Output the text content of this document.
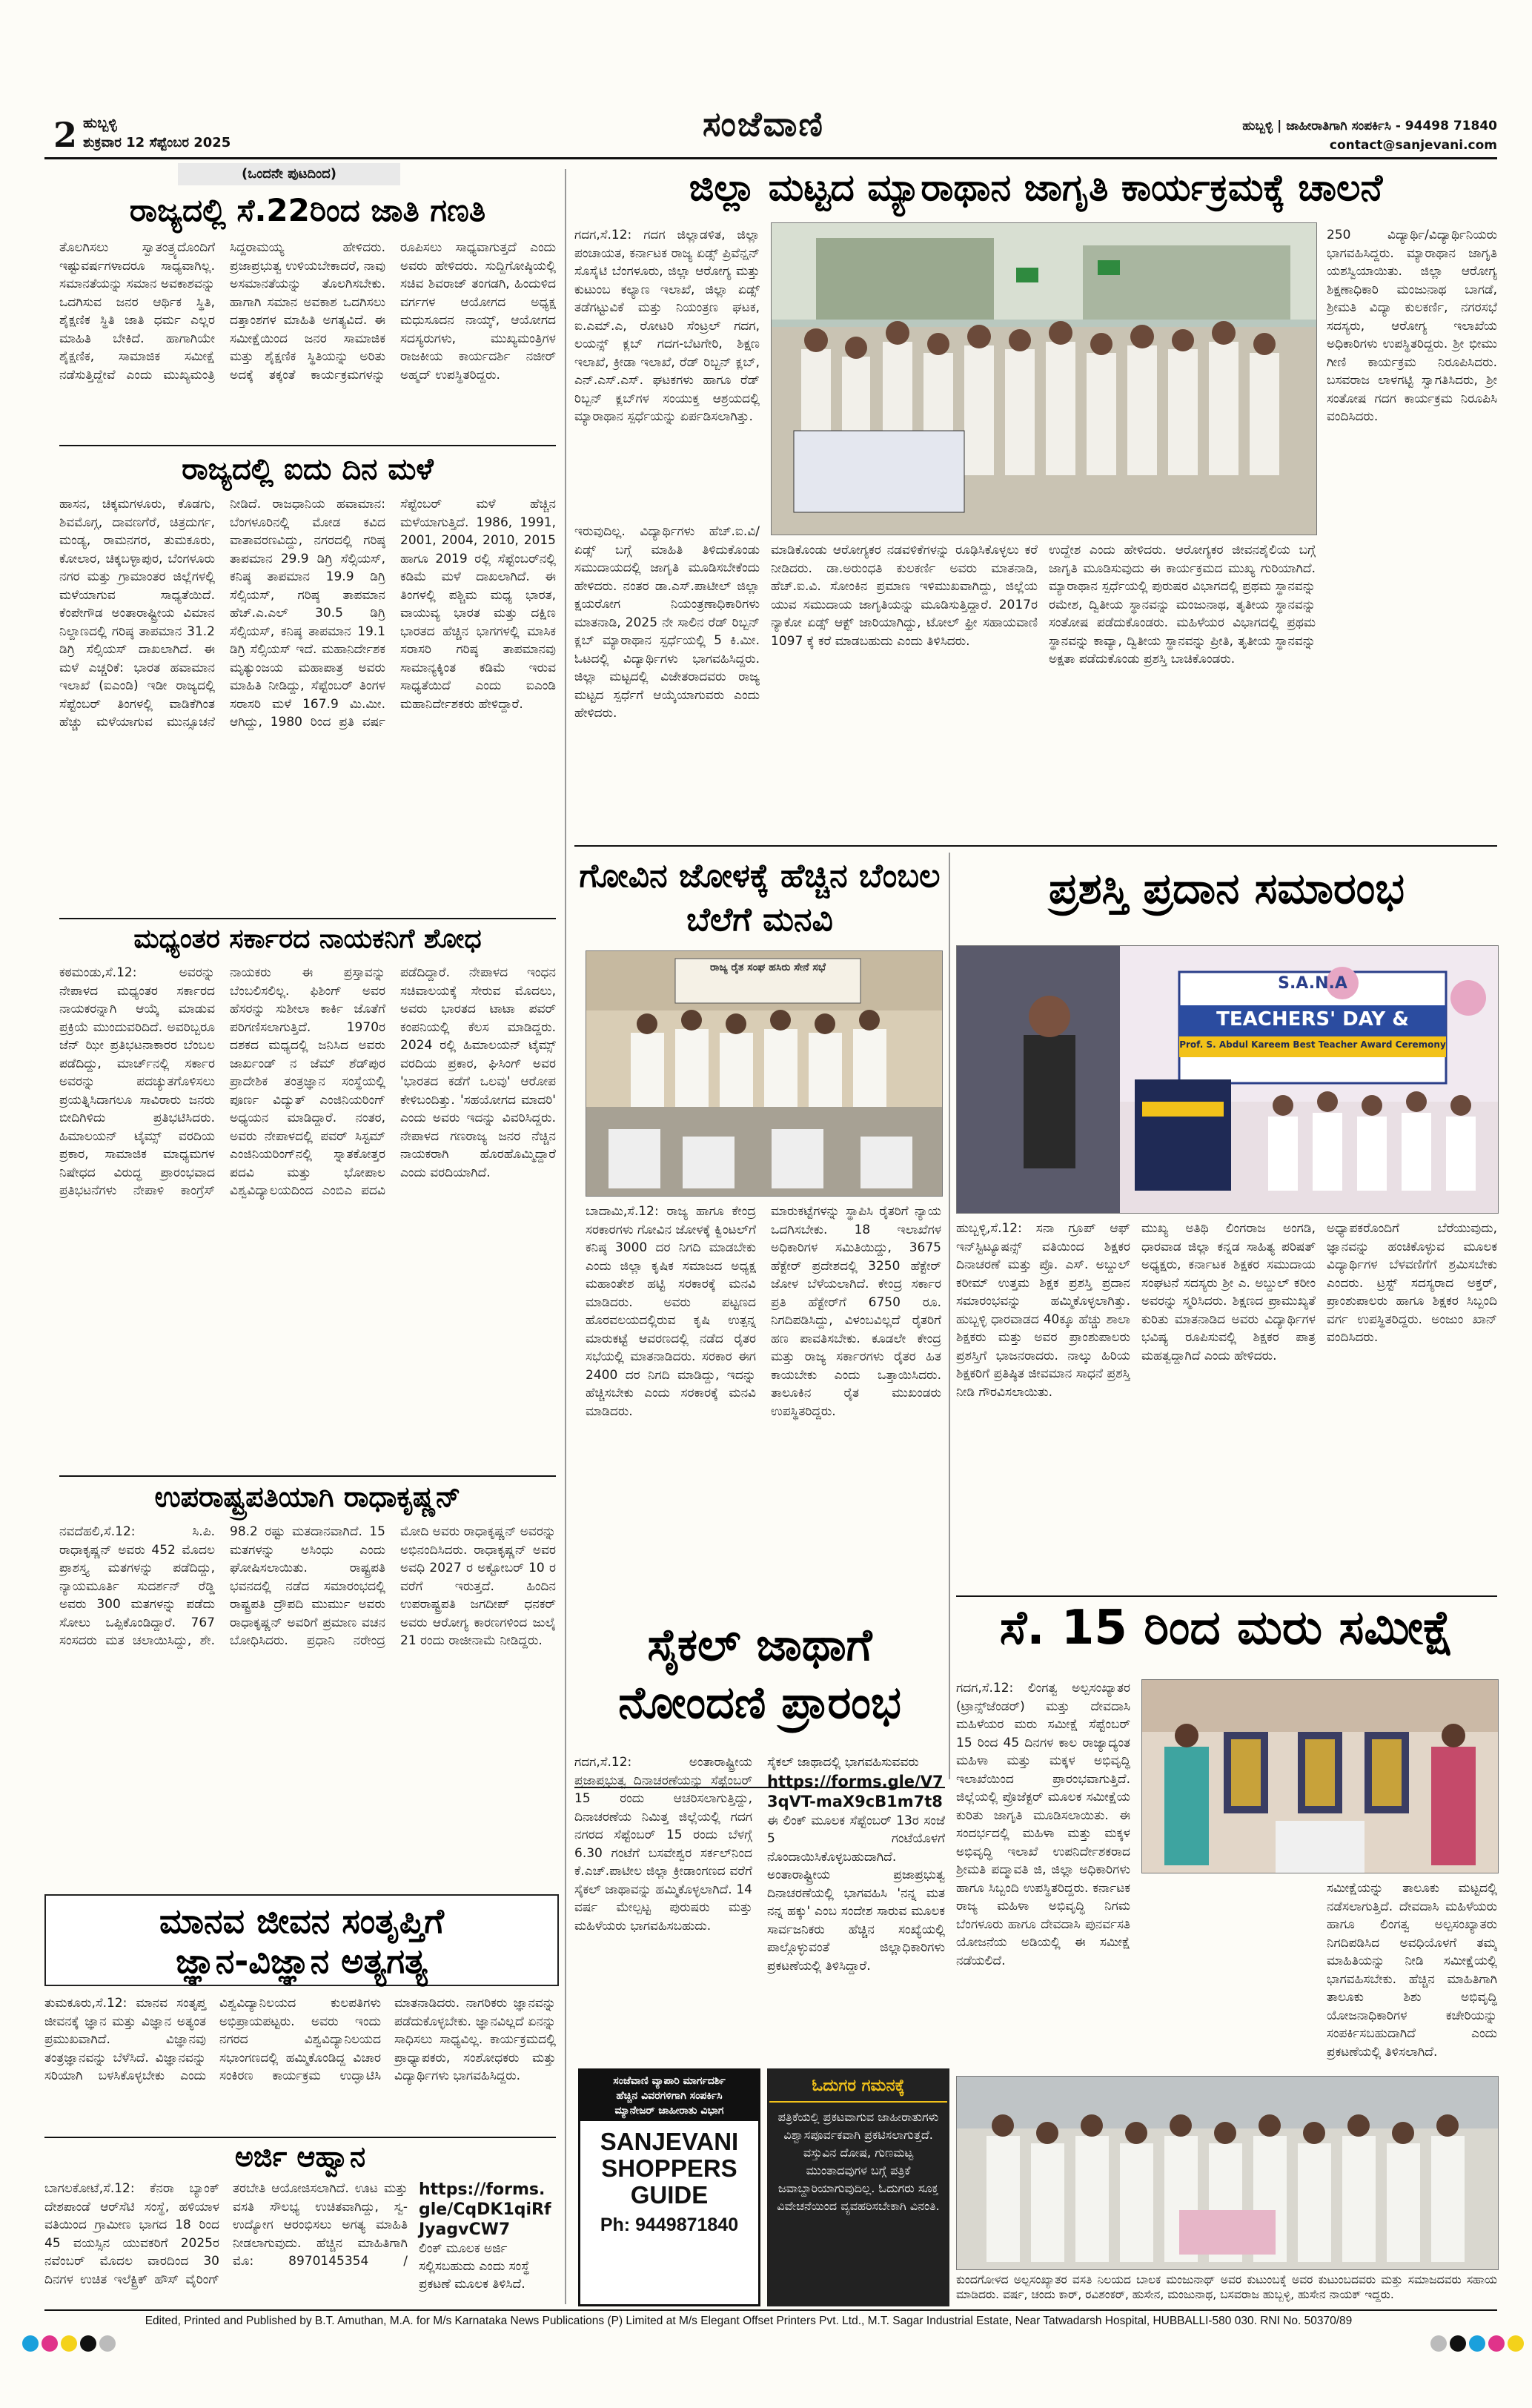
2 ಹುಬ್ಬಳ್ಳಿ
ಶುಕ್ರವಾರ 12 ಸೆಪ್ಟೆಂಬರ 2025	ಸಂಜೆವಾಣಿ	ಹುಬ್ಬಳ್ಳಿ | ಜಾಹೀರಾತಿಗಾಗಿ ಸಂಪರ್ಕಿಸಿ - 94498 71840
contact@sanjevani.com
(ಒಂದನೇ ಪುಟದಿಂದ)
ರಾಜ್ಯದಲ್ಲಿ ಸೆ.22ರಿಂದ ಜಾತಿ ಗಣತಿ
ತೊಲಗಿಸಲು ಸ್ವಾತಂತ್ರ್ಯದೊಂದಿಗೆ ಇಷ್ಟುವರ್ಷಗಳಾದರೂ ಸಾಧ್ಯವಾಗಿಲ್ಲ. ಸಮಾನತೆಯನ್ನು ಸಮಾನ ಅವಕಾಶವನ್ನು ಒದಗಿಸುವ ಜನರ ಆರ್ಥಿಕ ಸ್ಥಿತಿ, ಶೈಕ್ಷಣಿಕ ಸ್ಥಿತಿ ಜಾತಿ ಧರ್ಮ ಎಲ್ಲರ ಮಾಹಿತಿ ಬೇಕಿದೆ. ಹಾಗಾಗಿಯೇ ಶೈಕ್ಷಣಿಕ, ಸಾಮಾಜಿಕ ಸಮೀಕ್ಷೆ ನಡೆಸುತ್ತಿದ್ದೇವೆ ಎಂದು ಮುಖ್ಯಮಂತ್ರಿ ಸಿದ್ದರಾಮಯ್ಯ ಹೇಳಿದರು. ಪ್ರಜಾಪ್ರಭುತ್ವ ಉಳಿಯಬೇಕಾದರೆ, ನಾವು ಅಸಮಾನತೆಯನ್ನು ತೊಲಗಿಸಬೇಕು. ಹಾಗಾಗಿ ಸಮಾನ ಅವಕಾಶ ಒದಗಿಸಲು ದತ್ತಾಂಶಗಳ ಮಾಹಿತಿ ಅಗತ್ಯವಿದೆ. ಈ ಸಮೀಕ್ಷೆಯಿಂದ ಜನರ ಸಾಮಾಜಿಕ ಮತ್ತು ಶೈಕ್ಷಣಿಕ ಸ್ಥಿತಿಯನ್ನು ಅರಿತು ಅದಕ್ಕೆ ತಕ್ಕಂತೆ ಕಾರ್ಯಕ್ರಮಗಳನ್ನು ರೂಪಿಸಲು ಸಾಧ್ಯವಾಗುತ್ತದೆ ಎಂದು ಅವರು ಹೇಳಿದರು. ಸುದ್ದಿಗೋಷ್ಠಿಯಲ್ಲಿ ಸಚಿವ ಶಿವರಾಜ್ ತಂಗಡಗಿ, ಹಿಂದುಳಿದ ವರ್ಗಗಳ ಆಯೋಗದ ಅಧ್ಯಕ್ಷ ಮಧುಸೂದನ ನಾಯ್ಕ್, ಆಯೋಗದ ಸದಸ್ಯರುಗಳು, ಮುಖ್ಯಮಂತ್ರಿಗಳ ರಾಜಕೀಯ ಕಾರ್ಯದರ್ಶಿ ನಜೀರ್ ಅಹ್ಮದ್ ಉಪಸ್ಥಿತರಿದ್ದರು.
ರಾಜ್ಯದಲ್ಲಿ ಐದು ದಿನ ಮಳೆ
ಹಾಸನ, ಚಿಕ್ಕಮಗಳೂರು, ಕೊಡಗು, ಶಿವಮೊಗ್ಗ, ದಾವಣಗೆರೆ, ಚಿತ್ರದುರ್ಗ, ಮಂಡ್ಯ, ರಾಮನಗರ, ತುಮಕೂರು, ಕೋಲಾರ, ಚಿಕ್ಕಬಳ್ಳಾಪುರ, ಬೆಂಗಳೂರು ನಗರ ಮತ್ತು ಗ್ರಾಮಾಂತರ ಜಿಲ್ಲೆಗಳಲ್ಲಿ ಮಳೆಯಾಗುವ ಸಾಧ್ಯತೆಯಿದೆ. ಕೆಂಪೇಗೌಡ ಅಂತಾರಾಷ್ಟ್ರೀಯ ವಿಮಾನ ನಿಲ್ದಾಣದಲ್ಲಿ ಗರಿಷ್ಠ ತಾಪಮಾನ 31.2 ಡಿಗ್ರಿ ಸೆಲ್ಸಿಯಸ್ ದಾಖಲಾಗಿದೆ. ಈ ಮಳೆ ಎಚ್ಚರಿಕೆ: ಭಾರತ ಹವಾಮಾನ ಇಲಾಖೆ (ಐಎಂಡಿ) ಇಡೀ ರಾಜ್ಯದಲ್ಲಿ ಸೆಪ್ಟೆಂಬರ್ ತಿಂಗಳಲ್ಲಿ ವಾಡಿಕೆಗಿಂತ ಹೆಚ್ಚು ಮಳೆಯಾಗುವ ಮುನ್ಸೂಚನೆ ನೀಡಿದೆ. ರಾಜಧಾನಿಯ ಹವಾಮಾನ: ಬೆಂಗಳೂರಿನಲ್ಲಿ ಮೋಡ ಕವಿದ ವಾತಾವರಣವಿದ್ದು, ನಗರದಲ್ಲಿ ಗರಿಷ್ಠ ತಾಪಮಾನ 29.9 ಡಿಗ್ರಿ ಸೆಲ್ಸಿಯಸ್, ಕನಿಷ್ಠ ತಾಪಮಾನ 19.9 ಡಿಗ್ರಿ ಸೆಲ್ಸಿಯಸ್, ಗರಿಷ್ಠ ತಾಪಮಾನ ಹೆಚ್.ಎ.ಎಲ್ 30.5 ಡಿಗ್ರಿ ಸೆಲ್ಸಿಯಸ್, ಕನಿಷ್ಠ ತಾಪಮಾನ 19.1 ಡಿಗ್ರಿ ಸೆಲ್ಸಿಯಸ್ ಇದೆ. ಮಹಾನಿರ್ದೇಶಕ ಮೃತ್ಯುಂಜಯ ಮಹಾಪಾತ್ರ ಅವರು ಮಾಹಿತಿ ನೀಡಿದ್ದು, ಸೆಪ್ಟೆಂಬರ್ ತಿಂಗಳ ಸರಾಸರಿ ಮಳೆ 167.9 ಮಿ.ಮೀ. ಆಗಿದ್ದು, 1980 ರಿಂದ ಪ್ರತಿ ವರ್ಷ ಸೆಪ್ಟೆಂಬರ್ ಮಳೆ ಹೆಚ್ಚಿನ ಮಳೆಯಾಗುತ್ತಿದೆ. 1986, 1991, 2001, 2004, 2010, 2015 ಹಾಗೂ 2019 ರಲ್ಲಿ ಸೆಪ್ಟೆಂಬರ್‌ನಲ್ಲಿ ಕಡಿಮೆ ಮಳೆ ದಾಖಲಾಗಿದೆ. ಈ ತಿಂಗಳಲ್ಲಿ ಪಶ್ಚಿಮ ಮಧ್ಯ ಭಾರತ, ವಾಯುವ್ಯ ಭಾರತ ಮತ್ತು ದಕ್ಷಿಣ ಭಾರತದ ಹೆಚ್ಚಿನ ಭಾಗಗಳಲ್ಲಿ ಮಾಸಿಕ ಸರಾಸರಿ ಗರಿಷ್ಠ ತಾಪಮಾನವು ಸಾಮಾನ್ಯಕ್ಕಿಂತ ಕಡಿಮೆ ಇರುವ ಸಾಧ್ಯತೆಯಿದೆ ಎಂದು ಐಎಂಡಿ ಮಹಾನಿರ್ದೇಶಕರು ಹೇಳಿದ್ದಾರೆ.
ಮಧ್ಯಂತರ ಸರ್ಕಾರದ ನಾಯಕನಿಗೆ ಶೋಧ
ಕಠಮಂಡು,ಸೆ.12: ಅವರನ್ನು ನೇಪಾಳದ ಮಧ್ಯಂತರ ಸರ್ಕಾರದ ನಾಯಕರನ್ನಾಗಿ ಆಯ್ಕೆ ಮಾಡುವ ಪ್ರಕ್ರಿಯೆ ಮುಂದುವರಿದಿದೆ. ಅವರಿಬ್ಬರೂ ಜೆನ್ ಝೀ ಪ್ರತಿಭಟನಾಕಾರರ ಬೆಂಬಲ ಪಡೆದಿದ್ದು, ಮಾರ್ಚ್‌ನಲ್ಲಿ ಸರ್ಕಾರ ಅವರನ್ನು ಪದಚ್ಯುತಗೊಳಿಸಲು ಪ್ರಯತ್ನಿಸಿದಾಗಲೂ ಸಾವಿರಾರು ಜನರು ಬೀದಿಗಿಳಿದು ಪ್ರತಿಭಟಿಸಿದರು. ಹಿಮಾಲಯನ್ ಟೈಮ್ಸ್ ವರದಿಯ ಪ್ರಕಾರ, ಸಾಮಾಜಿಕ ಮಾಧ್ಯಮಗಳ ನಿಷೇಧದ ವಿರುದ್ಧ ಪ್ರಾರಂಭವಾದ ಪ್ರತಿಭಟನೆಗಳು ನೇಪಾಳಿ ಕಾಂಗ್ರೆಸ್ ನಾಯಕರು ಈ ಪ್ರಸ್ತಾವನ್ನು ಬೆಂಬಲಿಸಲಿಲ್ಲ. ಫಿಶಿಂಗ್ ಅವರ ಹೆಸರನ್ನು ಸುಶೀಲಾ ಕಾರ್ಕಿ ಜೊತೆಗೆ ಪರಿಗಣಿಸಲಾಗುತ್ತಿದೆ. 1970ರ ದಶಕದ ಮಧ್ಯದಲ್ಲಿ ಜನಿಸಿದ ಅವರು ಜಾರ್ಖಂಡ್ ನ ಜೆಮ್ ಶೆಡ್‌ಪುರ ಪ್ರಾದೇಶಿಕ ತಂತ್ರಜ್ಞಾನ ಸಂಸ್ಥೆಯಲ್ಲಿ ಪೂರ್ಣ ವಿದ್ಯುತ್ ಎಂಜಿನಿಯರಿಂಗ್ ಅಧ್ಯಯನ ಮಾಡಿದ್ದಾರೆ. ನಂತರ, ಅವರು ನೇಪಾಳದಲ್ಲಿ ಪವರ್ ಸಿಸ್ಟಮ್ ಎಂಜಿನಿಯರಿಂಗ್‌ನಲ್ಲಿ ಸ್ನಾತಕೋತ್ತರ ಪದವಿ ಮತ್ತು ಭೋಪಾಲ ವಿಶ್ವವಿದ್ಯಾಲಯದಿಂದ ಎಂಬಿಎ ಪದವಿ ಪಡೆದಿದ್ದಾರೆ. ನೇಪಾಳದ ಇಂಧನ ಸಚಿವಾಲಯಕ್ಕೆ ಸೇರುವ ಮೊದಲು, ಅವರು ಭಾರತದ ಟಾಟಾ ಪವರ್ ಕಂಪನಿಯಲ್ಲಿ ಕೆಲಸ ಮಾಡಿದ್ದರು. 2024 ರಲ್ಲಿ ಹಿಮಾಲಯನ್ ಟೈಮ್ಸ್ ವರದಿಯ ಪ್ರಕಾರ, ಘಿಸಿಂಗ್ ಅವರ 'ಭಾರತದ ಕಡೆಗೆ ಒಲವು' ಆರೋಪ ಕೇಳಿಬಂದಿತ್ತು. 'ಸಹಯೋಗದ ಮಾದರಿ' ಎಂದು ಅವರು ಇದನ್ನು ವಿವರಿಸಿದ್ದರು. ನೇಪಾಳದ ಗಣರಾಜ್ಯ ಜನರ ನೆಚ್ಚಿನ ನಾಯಕರಾಗಿ ಹೊರಹೊಮ್ಮಿದ್ದಾರೆ ಎಂದು ವರದಿಯಾಗಿದೆ.
ಉಪರಾಷ್ಟ್ರಪತಿಯಾಗಿ ರಾಧಾಕೃಷ್ಣನ್
ನವದೆಹಲಿ,ಸೆ.12: ಸಿ.ಪಿ. ರಾಧಾಕೃಷ್ಣನ್ ಅವರು 452 ಮೊದಲ ಪ್ರಾಶಸ್ತ್ಯ ಮತಗಳನ್ನು ಪಡೆದಿದ್ದು, ನ್ಯಾಯಮೂರ್ತಿ ಸುದರ್ಶನ್ ರೆಡ್ಡಿ ಅವರು 300 ಮತಗಳನ್ನು ಪಡೆದು ಸೋಲು ಒಪ್ಪಿಕೊಂಡಿದ್ದಾರೆ. 767 ಸಂಸದರು ಮತ ಚಲಾಯಿಸಿದ್ದು, ಶೇ. 98.2 ರಷ್ಟು ಮತದಾನವಾಗಿದೆ. 15 ಮತಗಳನ್ನು ಅಸಿಂಧು ಎಂದು ಘೋಷಿಸಲಾಯಿತು. ರಾಷ್ಟ್ರಪತಿ ಭವನದಲ್ಲಿ ನಡೆದ ಸಮಾರಂಭದಲ್ಲಿ ರಾಷ್ಟ್ರಪತಿ ದ್ರೌಪದಿ ಮುರ್ಮು ಅವರು ರಾಧಾಕೃಷ್ಣನ್ ಅವರಿಗೆ ಪ್ರಮಾಣ ವಚನ ಬೋಧಿಸಿದರು. ಪ್ರಧಾನಿ ನರೇಂದ್ರ ಮೋದಿ ಅವರು ರಾಧಾಕೃಷ್ಣನ್ ಅವರನ್ನು ಅಭಿನಂದಿಸಿದರು. ರಾಧಾಕೃಷ್ಣನ್ ಅವರ ಅವಧಿ 2027 ರ ಅಕ್ಟೋಬರ್ 10 ರ ವರೆಗೆ ಇರುತ್ತದೆ. ಹಿಂದಿನ ಉಪರಾಷ್ಟ್ರಪತಿ ಜಗದೀಪ್ ಧನಕರ್ ಅವರು ಆರೋಗ್ಯ ಕಾರಣಗಳಿಂದ ಜುಲೈ 21 ರಂದು ರಾಜೀನಾಮೆ ನೀಡಿದ್ದರು.
ಮಾನವ ಜೀವನ ಸಂತೃಪ್ತಿಗೆ
ಜ್ಞಾನ-ವಿಜ್ಞಾನ ಅತ್ಯಗತ್ಯ
ತುಮಕೂರು,ಸೆ.12: ಮಾನವ ಸಂತೃಪ್ತ ಜೀವನಕ್ಕೆ ಜ್ಞಾನ ಮತ್ತು ವಿಜ್ಞಾನ ಅತ್ಯಂತ ಪ್ರಮುಖವಾಗಿದೆ. ವಿಜ್ಞಾನವು ತಂತ್ರಜ್ಞಾನವನ್ನು ಬೆಳೆಸಿದೆ. ವಿಜ್ಞಾನವನ್ನು ಸರಿಯಾಗಿ ಬಳಸಿಕೊಳ್ಳಬೇಕು ಎಂದು ವಿಶ್ವವಿದ್ಯಾನಿಲಯದ ಕುಲಪತಿಗಳು ಅಭಿಪ್ರಾಯಪಟ್ಟರು. ಅವರು ಇಂದು ನಗರದ ವಿಶ್ವವಿದ್ಯಾನಿಲಯದ ಸಭಾಂಗಣದಲ್ಲಿ ಹಮ್ಮಿಕೊಂಡಿದ್ದ ವಿಚಾರ ಸಂಕಿರಣ ಕಾರ್ಯಕ್ರಮ ಉದ್ಘಾಟಿಸಿ ಮಾತನಾಡಿದರು. ನಾಗರಿಕರು ಜ್ಞಾನವನ್ನು ಪಡೆದುಕೊಳ್ಳಬೇಕು. ಜ್ಞಾನವಿಲ್ಲದೆ ಏನನ್ನು ಸಾಧಿಸಲು ಸಾಧ್ಯವಿಲ್ಲ. ಕಾರ್ಯಕ್ರಮದಲ್ಲಿ ಪ್ರಾಧ್ಯಾಪಕರು, ಸಂಶೋಧಕರು ಮತ್ತು ವಿದ್ಯಾರ್ಥಿಗಳು ಭಾಗವಹಿಸಿದ್ದರು.
ಅರ್ಜಿ ಆಹ್ವಾನ
ಬಾಗಲಕೋಟೆ,ಸೆ.12: ಕೆನರಾ ಬ್ಯಾಂಕ್ ದೇಶಪಾಂಡೆ ಆರ್‌ಸೆಟಿ ಸಂಸ್ಥೆ, ಹಳಿಯಾಳ ವತಿಯಿಂದ ಗ್ರಾಮೀಣ ಭಾಗದ 18 ರಿಂದ 45 ವಯಸ್ಸಿನ ಯುವಕರಿಗೆ 2025ರ ನವೆಂಬರ್ ಮೊದಲ ವಾರದಿಂದ 30 ದಿನಗಳ ಉಚಿತ ಇಲೆಕ್ಟ್ರಿಕ್ ಹೌಸ್ ವೈರಿಂಗ್ ತರಬೇತಿ ಆಯೋಜಿಸಲಾಗಿದೆ. ಊಟ ಮತ್ತು ವಸತಿ ಸೌಲಭ್ಯ ಉಚಿತವಾಗಿದ್ದು, ಸ್ವ-ಉದ್ಯೋಗ ಆರಂಭಿಸಲು ಅಗತ್ಯ ಮಾಹಿತಿ ನೀಡಲಾಗುವುದು. ಹೆಚ್ಚಿನ ಮಾಹಿತಿಗಾಗಿ ಮೊ: 8970145354 /
https://forms.gle/CqDK1qiRfJyagvCW7
ಲಿಂಕ್ ಮೂಲಕ ಅರ್ಜಿ ಸಲ್ಲಿಸಬಹುದು ಎಂದು ಸಂಸ್ಥೆ ಪ್ರಕಟಣೆ ಮೂಲಕ ತಿಳಿಸಿದೆ.
ಜಿಲ್ಲಾ ಮಟ್ಟದ ಮ್ಯಾರಾಥಾನ ಜಾಗೃತಿ ಕಾರ್ಯಕ್ರಮಕ್ಕೆ ಚಾಲನೆ
ಗದಗ,ಸೆ.12: ಗದಗ ಜಿಲ್ಲಾಡಳಿತ, ಜಿಲ್ಲಾ ಪಂಚಾಯತ, ಕರ್ನಾಟಕ ರಾಜ್ಯ ಏಡ್ಸ್ ಪ್ರಿವೆನ್ಷನ್ ಸೊಸೈಟಿ ಬೆಂಗಳೂರು, ಜಿಲ್ಲಾ ಆರೋಗ್ಯ ಮತ್ತು ಕುಟುಂಬ ಕಲ್ಯಾಣ ಇಲಾಖೆ, ಜಿಲ್ಲಾ ಏಡ್ಸ್ ತಡೆಗಟ್ಟುವಿಕೆ ಮತ್ತು ನಿಯಂತ್ರಣ ಘಟಕ, ಐ.ಎಮ್.ಎ, ರೋಟರಿ ಸೆಂಟ್ರಲ್ ಗದಗ, ಲಯನ್ಸ್ ಕ್ಲಬ್ ಗದಗ-ಬೆಟಗೇರಿ, ಶಿಕ್ಷಣ ಇಲಾಖೆ, ಕ್ರೀಡಾ ಇಲಾಖೆ, ರೆಡ್ ರಿಬ್ಬನ್ ಕ್ಲಬ್, ಎನ್.ಎಸ್.ಎಸ್. ಘಟಕಗಳು ಹಾಗೂ ರೆಡ್ ರಿಬ್ಬನ್ ಕ್ಲಬ್‌ಗಳ ಸಂಯುಕ್ತ ಆಶ್ರಯದಲ್ಲಿ ಮ್ಯಾರಾಥಾನ ಸ್ಪರ್ಧೆಯನ್ನು ಏರ್ಪಡಿಸಲಾಗಿತ್ತು.
250 ವಿದ್ಯಾರ್ಥಿ/ವಿದ್ಯಾರ್ಥಿನಿಯರು ಭಾಗವಹಿಸಿದ್ದರು. ಮ್ಯಾರಾಥಾನ ಜಾಗೃತಿ ಯಶಸ್ವಿಯಾಯಿತು. ಜಿಲ್ಲಾ ಆರೋಗ್ಯ ಶಿಕ್ಷಣಾಧಿಕಾರಿ ಮಂಜುನಾಥ ಬಾಗಡೆ, ಶ್ರೀಮತಿ ವಿದ್ಯಾ ಕುಲಕರ್ಣಿ, ನಗರಸಭೆ ಸದಸ್ಯರು, ಆರೋಗ್ಯ ಇಲಾಖೆಯ ಅಧಿಕಾರಿಗಳು ಉಪಸ್ಥಿತರಿದ್ದರು. ಶ್ರೀ ಭೀಮು ಗೀಣಿ ಕಾರ್ಯಕ್ರಮ ನಿರೂಪಿಸಿದರು. ಬಸವರಾಜ ಲಾಳಗಟ್ಟಿ ಸ್ವಾಗತಿಸಿದರು, ಶ್ರೀ ಸಂತೋಷ ಗದಗ ಕಾರ್ಯಕ್ರಮ ನಿರೂಪಿಸಿ ವಂದಿಸಿದರು.
ಇರುವುದಿಲ್ಲ. ವಿದ್ಯಾರ್ಥಿಗಳು ಹೆಚ್.ಐ.ವಿ/ಏಡ್ಸ್ ಬಗ್ಗೆ ಮಾಹಿತಿ ತಿಳಿದುಕೊಂಡು ಸಮುದಾಯದಲ್ಲಿ ಜಾಗೃತಿ ಮೂಡಿಸಬೇಕೆಂದು ಹೇಳಿದರು. ನಂತರ ಡಾ.ಎಸ್.ಪಾಟೀಲ್ ಜಿಲ್ಲಾ ಕ್ಷಯರೋಗ ನಿಯಂತ್ರಣಾಧಿಕಾರಿಗಳು ಮಾತನಾಡಿ, 2025 ನೇ ಸಾಲಿನ ರೆಡ್ ರಿಬ್ಬನ್ ಕ್ಲಬ್ ಮ್ಯಾರಾಥಾನ ಸ್ಪರ್ಧೆಯಲ್ಲಿ 5 ಕಿ.ಮೀ. ಓಟದಲ್ಲಿ ವಿದ್ಯಾರ್ಥಿಗಳು ಭಾಗವಹಿಸಿದ್ದರು. ಜಿಲ್ಲಾ ಮಟ್ಟದಲ್ಲಿ ವಿಜೇತರಾದವರು ರಾಜ್ಯ ಮಟ್ಟದ ಸ್ಪರ್ಧೆಗೆ ಆಯ್ಕೆಯಾಗುವರು ಎಂದು ಹೇಳಿದರು.
ಮಾಡಿಕೊಂಡು ಆರೋಗ್ಯಕರ ನಡವಳಿಕೆಗಳನ್ನು ರೂಢಿಸಿಕೊಳ್ಳಲು ಕರೆ ನೀಡಿದರು. ಡಾ.ಅರುಂಧತಿ ಕುಲಕರ್ಣಿ ಅವರು ಮಾತನಾಡಿ, ಹೆಚ್.ಐ.ವಿ. ಸೋಂಕಿನ ಪ್ರಮಾಣ ಇಳಿಮುಖವಾಗಿದ್ದು, ಜಿಲ್ಲೆಯ ಯುವ ಸಮುದಾಯ ಜಾಗೃತಿಯನ್ನು ಮೂಡಿಸುತ್ತಿದ್ದಾರೆ. 2017ರ ನ್ಯಾಕೋ ಏಡ್ಸ್ ಆಕ್ಟ್ ಜಾರಿಯಾಗಿದ್ದು, ಟೋಲ್ ಫ್ರೀ ಸಹಾಯವಾಣಿ 1097 ಕ್ಕೆ ಕರೆ ಮಾಡಬಹುದು ಎಂದು ತಿಳಿಸಿದರು.
ಉದ್ದೇಶ ಎಂದು ಹೇಳಿದರು. ಆರೋಗ್ಯಕರ ಜೀವನಶೈಲಿಯ ಬಗ್ಗೆ ಜಾಗೃತಿ ಮೂಡಿಸುವುದು ಈ ಕಾರ್ಯಕ್ರಮದ ಮುಖ್ಯ ಗುರಿಯಾಗಿದೆ. ಮ್ಯಾರಾಥಾನ ಸ್ಪರ್ಧೆಯಲ್ಲಿ ಪುರುಷರ ವಿಭಾಗದಲ್ಲಿ ಪ್ರಥಮ ಸ್ಥಾನವನ್ನು ರಮೇಶ, ದ್ವಿತೀಯ ಸ್ಥಾನವನ್ನು ಮಂಜುನಾಥ, ತೃತೀಯ ಸ್ಥಾನವನ್ನು ಸಂತೋಷ ಪಡೆದುಕೊಂಡರು. ಮಹಿಳೆಯರ ವಿಭಾಗದಲ್ಲಿ ಪ್ರಥಮ ಸ್ಥಾನವನ್ನು ಕಾವ್ಯಾ, ದ್ವಿತೀಯ ಸ್ಥಾನವನ್ನು ಪ್ರೀತಿ, ತೃತೀಯ ಸ್ಥಾನವನ್ನು ಅಕ್ಷತಾ ಪಡೆದುಕೊಂಡು ಪ್ರಶಸ್ತಿ ಬಾಚಿಕೊಂಡರು.
ಗೋವಿನ ಜೋಳಕ್ಕೆ ಹೆಚ್ಚಿನ ಬೆಂಬಲ ಬೆಲೆಗೆ ಮನವಿ
ರಾಜ್ಯ ರೈತ ಸಂಘ ಹಸಿರು ಸೇನೆ ಸಭೆ
ಬಾದಾಮಿ,ಸೆ.12: ರಾಜ್ಯ ಹಾಗೂ ಕೇಂದ್ರ ಸರಕಾರಗಳು ಗೋವಿನ ಜೋಳಕ್ಕೆ ಕ್ವಿಂಟಲ್‌ಗೆ ಕನಿಷ್ಠ 3000 ದರ ನಿಗದಿ ಮಾಡಬೇಕು ಎಂದು ಜಿಲ್ಲಾ ಕೃಷಿಕ ಸಮಾಜದ ಅಧ್ಯಕ್ಷ ಮಹಾಂತೇಶ ಹಟ್ಟಿ ಸರಕಾರಕ್ಕೆ ಮನವಿ ಮಾಡಿದರು. ಅವರು ಪಟ್ಟಣದ ಹೊರವಲಯದಲ್ಲಿರುವ ಕೃಷಿ ಉತ್ಪನ್ನ ಮಾರುಕಟ್ಟೆ ಆವರಣದಲ್ಲಿ ನಡೆದ ರೈತರ ಸಭೆಯಲ್ಲಿ ಮಾತನಾಡಿದರು. ಸರಕಾರ ಈಗ 2400 ದರ ನಿಗದಿ ಮಾಡಿದ್ದು, ಇದನ್ನು ಹೆಚ್ಚಿಸಬೇಕು ಎಂದು ಸರಕಾರಕ್ಕೆ ಮನವಿ ಮಾಡಿದರು.
ಮಾರುಕಟ್ಟೆಗಳನ್ನು ಸ್ಥಾಪಿಸಿ ರೈತರಿಗೆ ನ್ಯಾಯ ಒದಗಿಸಬೇಕು. 18 ಇಲಾಖೆಗಳ ಅಧಿಕಾರಿಗಳ ಸಮಿತಿಯಿದ್ದು, 3675 ಹೆಕ್ಟೇರ್ ಪ್ರದೇಶದಲ್ಲಿ 3250 ಹೆಕ್ಟೇರ್ ಜೋಳ ಬೆಳೆಯಲಾಗಿದೆ. ಕೇಂದ್ರ ಸರ್ಕಾರ ಪ್ರತಿ ಹೆಕ್ಟೇರ್‌ಗೆ 6750 ರೂ. ನಿಗದಿಪಡಿಸಿದ್ದು, ವಿಳಂಬವಿಲ್ಲದೆ ರೈತರಿಗೆ ಹಣ ಪಾವತಿಸಬೇಕು. ಕೂಡಲೇ ಕೇಂದ್ರ ಮತ್ತು ರಾಜ್ಯ ಸರ್ಕಾರಗಳು ರೈತರ ಹಿತ ಕಾಯಬೇಕು ಎಂದು ಒತ್ತಾಯಿಸಿದರು. ತಾಲೂಕಿನ ರೈತ ಮುಖಂಡರು ಉಪಸ್ಥಿತರಿದ್ದರು.
ಪ್ರಶಸ್ತಿ ಪ್ರದಾನ ಸಮಾರಂಭ
S.A.N.A
TEACHERS' DAY &
Prof. S. Abdul Kareem Best Teacher Award Ceremony
ಹುಬ್ಬಳ್ಳಿ,ಸೆ.12: ಸನಾ ಗ್ರೂಪ್ ಆಫ್ ಇನ್‌ಸ್ಟಿಟ್ಯೂಷನ್ಸ್ ವತಿಯಿಂದ ಶಿಕ್ಷಕರ ದಿನಾಚರಣೆ ಮತ್ತು ಪ್ರೊ. ಎಸ್. ಅಬ್ದುಲ್ ಕರೀಮ್ ಉತ್ತಮ ಶಿಕ್ಷಕ ಪ್ರಶಸ್ತಿ ಪ್ರದಾನ ಸಮಾರಂಭವನ್ನು ಹಮ್ಮಿಕೊಳ್ಳಲಾಗಿತ್ತು. ಹುಬ್ಬಳ್ಳಿ ಧಾರವಾಡದ 40ಕ್ಕೂ ಹೆಚ್ಚು ಶಾಲಾ ಶಿಕ್ಷಕರು ಮತ್ತು ಅವರ ಪ್ರಾಂಶುಪಾಲರು ಪ್ರಶಸ್ತಿಗೆ ಭಾಜನರಾದರು. ನಾಲ್ಕು ಹಿರಿಯ ಶಿಕ್ಷಕರಿಗೆ ಪ್ರತಿಷ್ಠಿತ ಜೀವಮಾನ ಸಾಧನೆ ಪ್ರಶಸ್ತಿ ನೀಡಿ ಗೌರವಿಸಲಾಯಿತು.
ಮುಖ್ಯ ಅತಿಥಿ ಲಿಂಗರಾಜ ಅಂಗಡಿ, ಧಾರವಾಡ ಜಿಲ್ಲಾ ಕನ್ನಡ ಸಾಹಿತ್ಯ ಪರಿಷತ್ ಅಧ್ಯಕ್ಷರು, ಕರ್ನಾಟಕ ಶಿಕ್ಷಕರ ಸಮುದಾಯ ಸಂಘಟನೆ ಸದಸ್ಯರು ಶ್ರೀ ಎ. ಅಬ್ದುಲ್ ಕರೀಂ ಅವರನ್ನು ಸ್ಮರಿಸಿದರು. ಶಿಕ್ಷಣದ ಪ್ರಾಮುಖ್ಯತೆ ಕುರಿತು ಮಾತನಾಡಿದ ಅವರು ವಿದ್ಯಾರ್ಥಿಗಳ ಭವಿಷ್ಯ ರೂಪಿಸುವಲ್ಲಿ ಶಿಕ್ಷಕರ ಪಾತ್ರ ಮಹತ್ವದ್ದಾಗಿದೆ ಎಂದು ಹೇಳಿದರು.
ಅಧ್ಯಾಪಕರೊಂದಿಗೆ ಬೆರೆಯುವುದು, ಜ್ಞಾನವನ್ನು ಹಂಚಿಕೊಳ್ಳುವ ಮೂಲಕ ವಿದ್ಯಾರ್ಥಿಗಳ ಬೆಳವಣಿಗೆಗೆ ಶ್ರಮಿಸಬೇಕು ಎಂದರು. ಟ್ರಸ್ಟ್ ಸದಸ್ಯರಾದ ಅಕ್ತರ್, ಪ್ರಾಂಶುಪಾಲರು ಹಾಗೂ ಶಿಕ್ಷಕರ ಸಿಬ್ಬಂದಿ ವರ್ಗ ಉಪಸ್ಥಿತರಿದ್ದರು. ಅಂಜುಂ ಖಾನ್ ವಂದಿಸಿದರು.
ಸೈಕಲ್ ಜಾಥಾಗೆ ನೋಂದಣಿ ಪ್ರಾರಂಭ
ಗದಗ,ಸೆ.12: ಅಂತಾರಾಷ್ಟ್ರೀಯ ಪ್ರಜಾಪ್ರಭುತ್ವ ದಿನಾಚರಣೆಯನ್ನು ಸೆಪ್ಟೆಂಬರ್ 15 ರಂದು ಆಚರಿಸಲಾಗುತ್ತಿದ್ದು, ದಿನಾಚರಣೆಯ ನಿಮಿತ್ತ ಜಿಲ್ಲೆಯಲ್ಲಿ ಗದಗ ನಗರದ ಸೆಪ್ಟೆಂಬರ್ 15 ರಂದು ಬೆಳಗ್ಗೆ 6.30 ಗಂಟೆಗೆ ಬಸವೇಶ್ವರ ಸರ್ಕಲ್‌ನಿಂದ ಕೆ.ಎಚ್.ಪಾಟೀಲ ಜಿಲ್ಲಾ ಕ್ರೀಡಾಂಗಣದ ವರೆಗೆ ಸೈಕಲ್ ಜಾಥಾವನ್ನು ಹಮ್ಮಿಕೊಳ್ಳಲಾಗಿದೆ. 14 ವರ್ಷ ಮೇಲ್ಪಟ್ಟ ಪುರುಷರು ಮತ್ತು ಮಹಿಳೆಯರು ಭಾಗವಹಿಸಬಹುದು.
ಸೈಕಲ್ ಜಾಥಾದಲ್ಲಿ ಭಾಗವಹಿಸುವವರು
https://forms.gle/V73qVT-maX9cB1m7t8
ಈ ಲಿಂಕ್ ಮೂಲಕ ಸೆಪ್ಟೆಂಬರ್ 13ರ ಸಂಜೆ 5 ಗಂಟೆಯೊಳಗೆ ನೊಂದಾಯಿಸಿಕೊಳ್ಳಬಹುದಾಗಿದೆ. ಅಂತಾರಾಷ್ಟ್ರೀಯ ಪ್ರಜಾಪ್ರಭುತ್ವ ದಿನಾಚರಣೆಯಲ್ಲಿ ಭಾಗವಹಿಸಿ 'ನನ್ನ ಮತ ನನ್ನ ಹಕ್ಕು' ಎಂಬ ಸಂದೇಶ ಸಾರುವ ಮೂಲಕ ಸಾರ್ವಜನಿಕರು ಹೆಚ್ಚಿನ ಸಂಖ್ಯೆಯಲ್ಲಿ ಪಾಲ್ಗೊಳ್ಳುವಂತೆ ಜಿಲ್ಲಾಧಿಕಾರಿಗಳು ಪ್ರಕಟಣೆಯಲ್ಲಿ ತಿಳಿಸಿದ್ದಾರೆ.
ಸೆ. 15 ರಿಂದ ಮರು ಸಮೀಕ್ಷೆ
ಗದಗ,ಸೆ.12: ಲಿಂಗತ್ವ ಅಲ್ಪಸಂಖ್ಯಾತರ (ಟ್ರಾನ್ಸ್‌ಜೆಂಡರ್) ಮತ್ತು ದೇವದಾಸಿ ಮಹಿಳೆಯರ ಮರು ಸಮೀಕ್ಷೆ ಸೆಪ್ಟೆಂಬರ್ 15 ರಿಂದ 45 ದಿನಗಳ ಕಾಲ ರಾಜ್ಯಾದ್ಯಂತ ಮಹಿಳಾ ಮತ್ತು ಮಕ್ಕಳ ಅಭಿವೃದ್ಧಿ ಇಲಾಖೆಯಿಂದ ಪ್ರಾರಂಭವಾಗುತ್ತಿದೆ. ಜಿಲ್ಲೆಯಲ್ಲಿ ಪ್ರೊಜೆಕ್ಟರ್ ಮೂಲಕ ಸಮೀಕ್ಷೆಯ ಕುರಿತು ಜಾಗೃತಿ ಮೂಡಿಸಲಾಯಿತು. ಈ ಸಂದರ್ಭದಲ್ಲಿ ಮಹಿಳಾ ಮತ್ತು ಮಕ್ಕಳ ಅಭಿವೃದ್ಧಿ ಇಲಾಖೆ ಉಪನಿರ್ದೇಶಕರಾದ ಶ್ರೀಮತಿ ಪದ್ಮಾವತಿ ಜಿ, ಜಿಲ್ಲಾ ಅಧಿಕಾರಿಗಳು ಹಾಗೂ ಸಿಬ್ಬಂದಿ ಉಪಸ್ಥಿತರಿದ್ದರು. ಕರ್ನಾಟಕ ರಾಜ್ಯ ಮಹಿಳಾ ಅಭಿವೃದ್ಧಿ ನಿಗಮ ಬೆಂಗಳೂರು ಹಾಗೂ ದೇವದಾಸಿ ಪುನರ್ವಸತಿ ಯೋಜನೆಯ ಅಡಿಯಲ್ಲಿ ಈ ಸಮೀಕ್ಷೆ ನಡೆಯಲಿದೆ.
ಸಮೀಕ್ಷೆಯನ್ನು ತಾಲೂಕು ಮಟ್ಟದಲ್ಲಿ ನಡೆಸಲಾಗುತ್ತಿದೆ. ದೇವದಾಸಿ ಮಹಿಳೆಯರು ಹಾಗೂ ಲಿಂಗತ್ವ ಅಲ್ಪಸಂಖ್ಯಾತರು ನಿಗದಿಪಡಿಸಿದ ಅವಧಿಯೊಳಗೆ ತಮ್ಮ ಮಾಹಿತಿಯನ್ನು ನೀಡಿ ಸಮೀಕ್ಷೆಯಲ್ಲಿ ಭಾಗವಹಿಸಬೇಕು. ಹೆಚ್ಚಿನ ಮಾಹಿತಿಗಾಗಿ ತಾಲೂಕು ಶಿಶು ಅಭಿವೃದ್ಧಿ ಯೋಜನಾಧಿಕಾರಿಗಳ ಕಚೇರಿಯನ್ನು ಸಂಪರ್ಕಿಸಬಹುದಾಗಿದೆ ಎಂದು ಪ್ರಕಟಣೆಯಲ್ಲಿ ತಿಳಿಸಲಾಗಿದೆ.
ಕುಂದಗೋಳದ ಅಲ್ಪಸಂಖ್ಯಾತರ ವಸತಿ ನಿಲಯದ ಬಾಲಕ ಮಂಜುನಾಥ್ ಅವರ ಕುಟುಂಬಕ್ಕೆ ಅವರ ಕುಟುಂಬದವರು ಮತ್ತು ಸಮಾಜದವರು ಸಹಾಯ ಮಾಡಿದರು. ವರ್ಷ, ಚಂದು ಕಾರ್, ರವಿಶಂಕರ್, ಹುಸೇನ, ಮಂಜುನಾಥ, ಬಸವರಾಜ ಹುಬ್ಬಳ್ಳಿ, ಹುಸೇನ ನಾಯಕ್ ಇದ್ದರು.
ಸಂಜೆವಾಣಿ ವ್ಯಾಪಾರಿ ಮಾರ್ಗದರ್ಶಿ
ಹೆಚ್ಚಿನ ವಿವರಗಳಿಗಾಗಿ ಸಂಪರ್ಕಿಸಿ
ಮ್ಯಾನೇಜರ್ ಜಾಹೀರಾತು ವಿಭಾಗ
SANJEVANI SHOPPERS GUIDE
Ph: 9449871840
ಓದುಗರ ಗಮನಕ್ಕೆ
ಪತ್ರಿಕೆಯಲ್ಲಿ ಪ್ರಕಟವಾಗುವ ಜಾಹೀರಾತುಗಳು ವಿಶ್ವಾಸಪೂರ್ವಕವಾಗಿ ಪ್ರಕಟಿಸಲಾಗುತ್ತದೆ. ವಸ್ತುವಿನ ದೋಷ, ಗುಣಮಟ್ಟ ಮುಂತಾದವುಗಳ ಬಗ್ಗೆ ಪತ್ರಿಕೆ ಜವಾಬ್ದಾರಿಯಾಗುವುದಿಲ್ಲ. ಓದುಗರು ಸೂಕ್ತ ವಿವೇಚನೆಯಿಂದ ವ್ಯವಹರಿಸಬೇಕಾಗಿ ವಿನಂತಿ.
Edited, Printed and Published by B.T. Amuthan, M.A. for M/s Karnataka News Publications (P) Limited at M/s Elegant Offset Printers Pvt. Ltd., M.T. Sagar Industrial Estate, Near Tatwadarsh Hospital, HUBBALLI-580 030. RNI No. 50370/89
